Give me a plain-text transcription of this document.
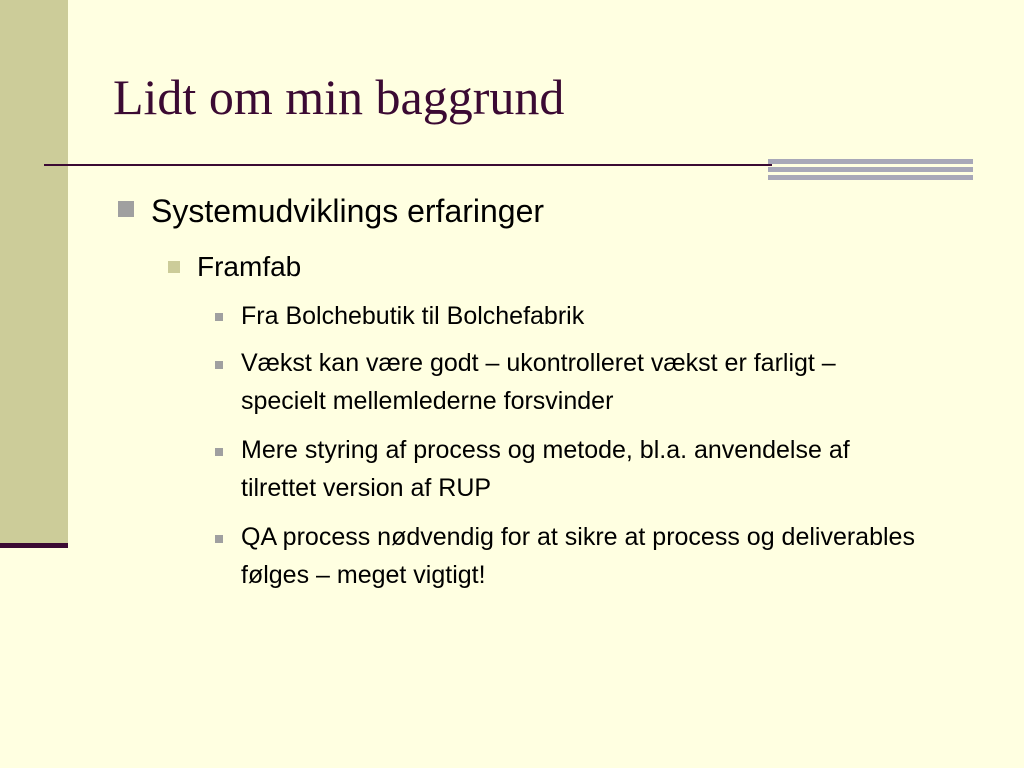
Lidt om min baggrund
Systemudviklings erfaringer
Framfab
Fra Bolchebutik til Bolchefabrik
Vækst kan være godt – ukontrolleret vækst er farligt – specielt mellemlederne forsvinder
Mere styring af process og metode, bl.a. anvendelse af tilrettet version af RUP
QA process nødvendig for at sikre at process og deliverables følges – meget vigtigt!
